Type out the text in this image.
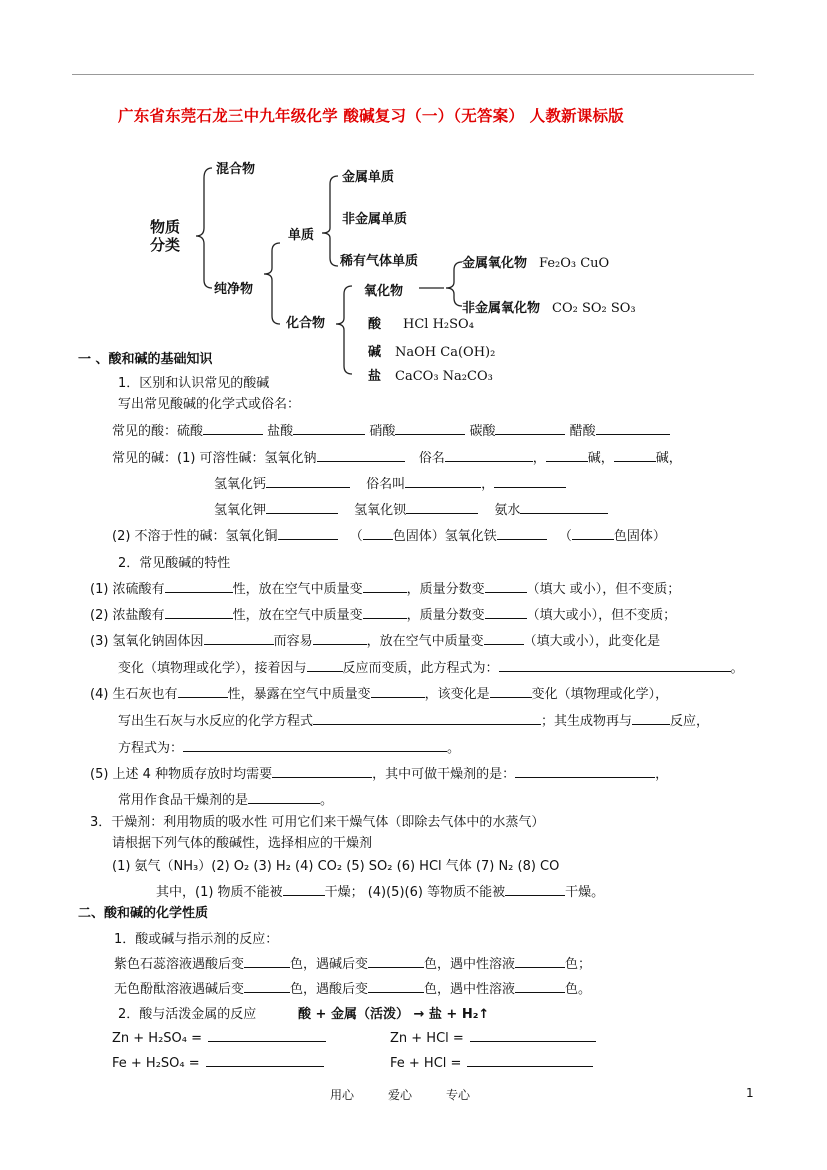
广东省东莞石龙三中九年级化学 酸碱复习（一）（无答案） 人教新课标版
物质
分类
混合物
纯净物
单质
化合物
金属单质
非金属单质
稀有气体单质
氧化物
金属氧化物 Fe₂O₃ CuO
非金属氧化物 CO₂ SO₂ SO₃
酸 HCl H₂SO₄
碱 NaOH Ca(OH)₂
盐 CaCO₃ Na₂CO₃
一 、酸和碱的基础知识
1．区别和认识常见的酸碱
写出常见酸碱的化学式或俗名：
常见的酸：硫酸	盐酸	硝酸	碳酸	醋酸
常见的碱：(1) 可溶性碱：氢氧化钠	俗名	，	碱，	碱，
氢氧化钙	俗名叫	，
氢氧化钾	氢氧化钡	氨水
(2) 不溶于性的碱：氢氧化铜	（ 色固体）氢氧化铁	（	色固体）
2．常见酸碱的特性
(1) 浓硫酸有	性，放在空气中质量变	，质量分数变	（填大 或小），但不变质；
(2) 浓盐酸有	性，放在空气中质量变	，质量分数变	（填大或小），但不变质；
(3) 氢氧化钠固体因	而容易	，放在空气中质量变	（填大或小），此变化是
变化（填物理或化学），接着因与	反应而变质，此方程式为：	。
(4) 生石灰也有	性，暴露在空气中质量变	，该变化是	变化（填物理或化学），
写出生石灰与水反应的化学方程式	；其生成物再与	反应，
方程式为：	。
(5) 上述 4 种物质存放时均需要	，其中可做干燥剂的是：	，
常用作食品干燥剂的是	。
3．干燥剂：利用物质的吸水性 可用它们来干燥气体（即除去气体中的水蒸气）
请根据下列气体的酸碱性，选择相应的干燥剂
(1) 氨气（NH₃）(2) O₂ (3) H₂ (4) CO₂ (5) SO₂ (6) HCl 气体 (7) N₂ (8) CO
其中，(1) 物质不能被	干燥； (4)(5)(6) 等物质不能被	干燥。
二、酸和碱的化学性质
1．酸或碱与指示剂的反应：
紫色石蕊溶液遇酸后变	色，遇碱后变	色，遇中性溶液	色；
无色酚酞溶液遇碱后变	色，遇酸后变	色，遇中性溶液	色。
2．酸与活泼金属的反应	酸 + 金属（活泼） → 盐 + H₂↑
Zn + H₂SO₄ =	Zn + HCl =
Fe + H₂SO₄ =	Fe + HCl =
用心	爱心	专心	1
